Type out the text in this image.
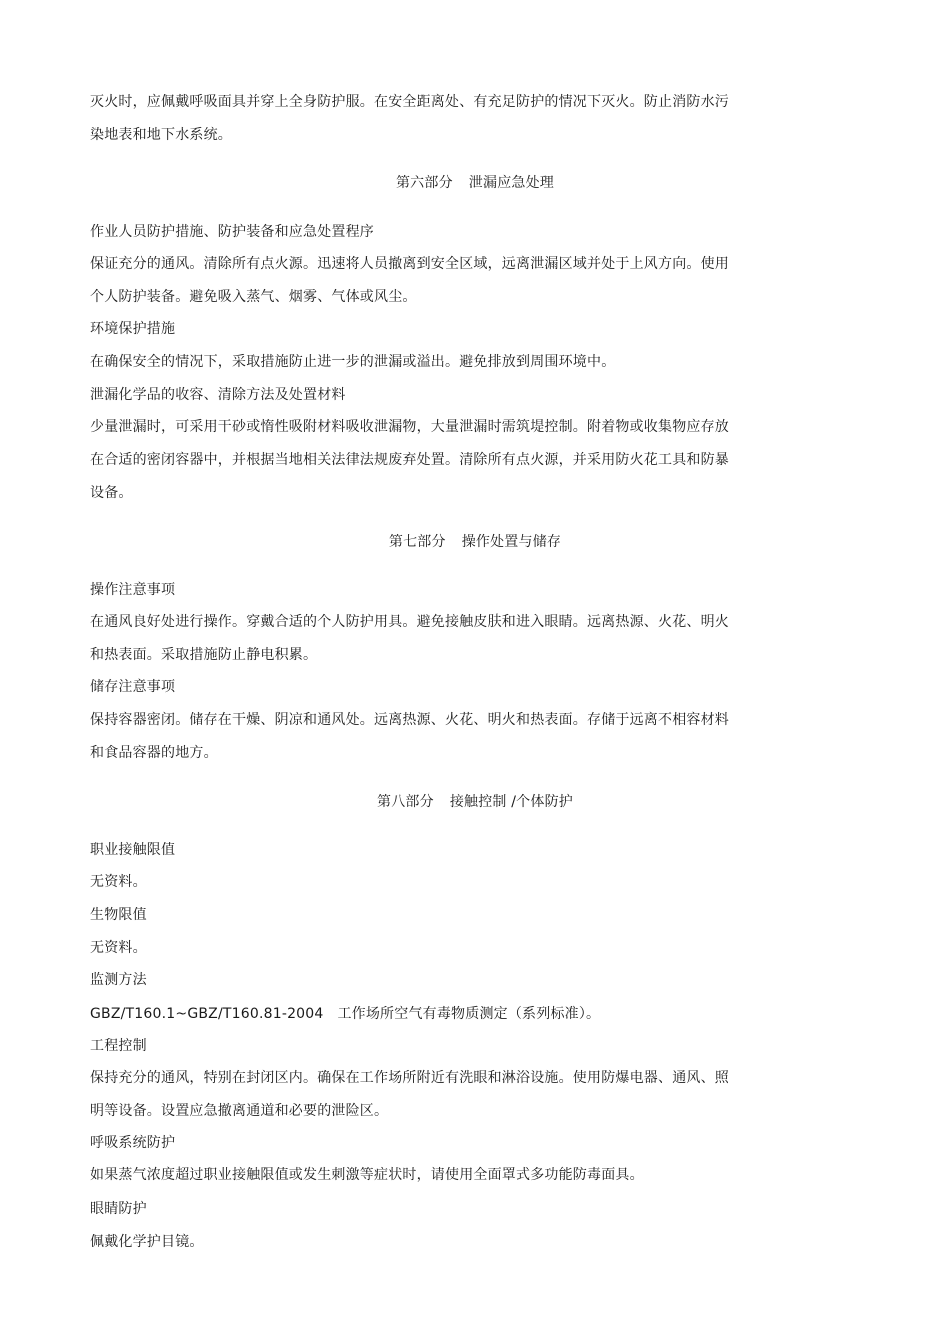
灭火时，应佩戴呼吸面具并穿上全身防护服。在安全距离处、有充足防护的情况下灭火。防止消防水污
染地表和地下水系统。
第六部分 泄漏应急处理
作业人员防护措施、防护装备和应急处置程序
保证充分的通风。清除所有点火源。迅速将人员撤离到安全区域，远离泄漏区域并处于上风方向。使用
个人防护装备。避免吸入蒸气、烟雾、气体或风尘。
环境保护措施
在确保安全的情况下，采取措施防止进一步的泄漏或溢出。避免排放到周围环境中。
泄漏化学品的收容、清除方法及处置材料
少量泄漏时，可采用干砂或惰性吸附材料吸收泄漏物，大量泄漏时需筑堤控制。附着物或收集物应存放
在合适的密闭容器中，并根据当地相关法律法规废弃处置。清除所有点火源，并采用防火花工具和防暴
设备。
第七部分 操作处置与储存
操作注意事项
在通风良好处进行操作。穿戴合适的个人防护用具。避免接触皮肤和进入眼睛。远离热源、火花、明火
和热表面。采取措施防止静电积累。
储存注意事项
保持容器密闭。储存在干燥、阴凉和通风处。远离热源、火花、明火和热表面。存储于远离不相容材料
和食品容器的地方。
第八部分 接触控制 /个体防护
职业接触限值
无资料。
生物限值
无资料。
监测方法
GBZ/T160.1~GBZ/T160.81-2004   工作场所空气有毒物质测定（系列标准）。
工程控制
保持充分的通风，特别在封闭区内。确保在工作场所附近有洗眼和淋浴设施。使用防爆电器、通风、照
明等设备。设置应急撤离通道和必要的泄险区。
呼吸系统防护
如果蒸气浓度超过职业接触限值或发生刺激等症状时，请使用全面罩式多功能防毒面具。
眼睛防护
佩戴化学护目镜。
